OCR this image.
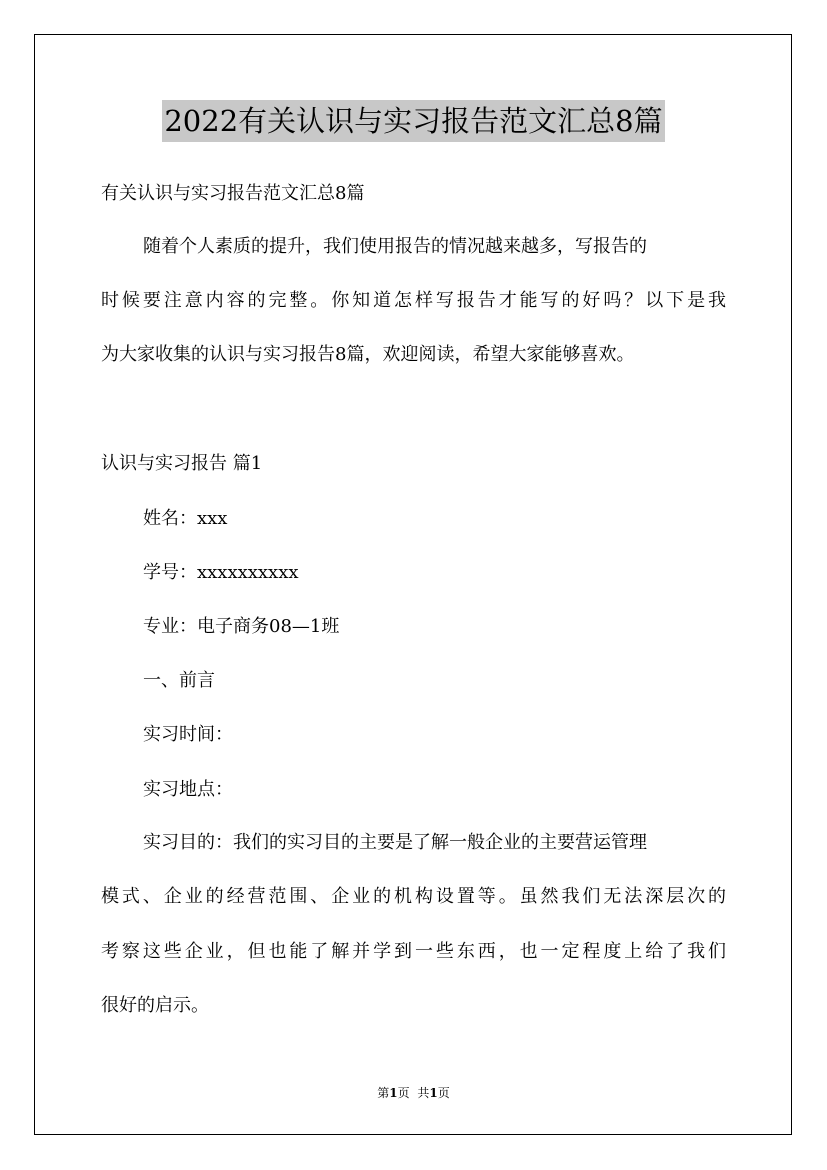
2022有关认识与实习报告范文汇总8篇
有关认识与实习报告范文汇总8篇
随着个人素质的提升，我们使用报告的情况越来越多，写报告的
时候要注意内容的完整。你知道怎样写报告才能写的好吗？以下是我
为大家收集的认识与实习报告8篇，欢迎阅读，希望大家能够喜欢。
认识与实习报告 篇1
姓名：xxx
学号：xxxxxxxxxx
专业：电子商务08—1班
一、前言
实习时间：
实习地点：
实习目的：我们的实习目的主要是了解一般企业的主要营运管理
模式、企业的经营范围、企业的机构设置等。虽然我们无法深层次的
考察这些企业，但也能了解并学到一些东西，也一定程度上给了我们
很好的启示。
第1页 共1页
